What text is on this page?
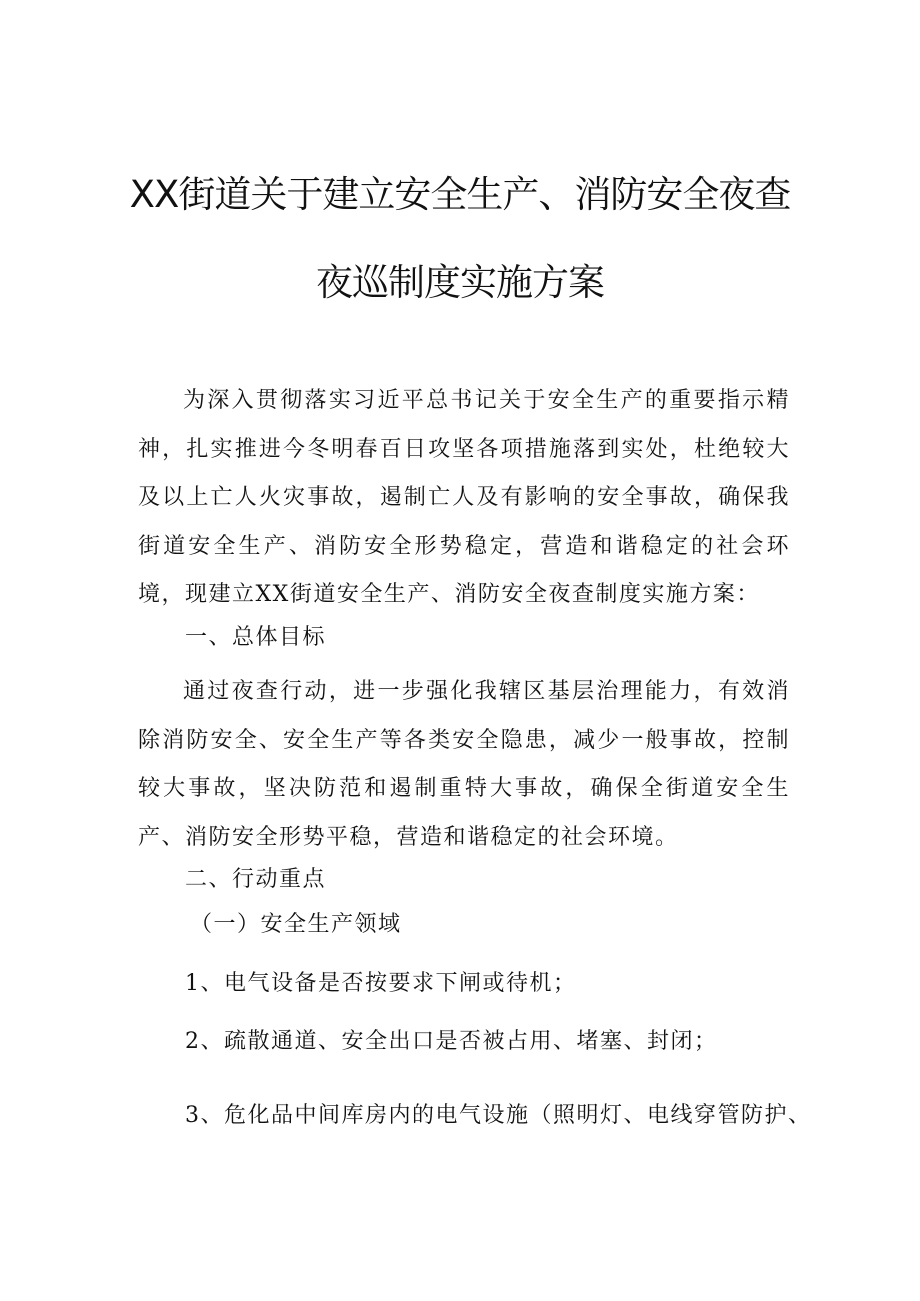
XX街道关于建立安全生产、消防安全夜查
夜巡制度实施方案

为深入贯彻落实习近平总书记关于安全生产的重要指示精神，扎实推进今冬明春百日攻坚各项措施落到实处，杜绝较大及以上亡人火灾事故，遏制亡人及有影响的安全事故，确保我街道安全生产、消防安全形势稳定，营造和谐稳定的社会环境，现建立XX街道安全生产、消防安全夜查制度实施方案：

一、总体目标

通过夜查行动，进一步强化我辖区基层治理能力，有效消除消防安全、安全生产等各类安全隐患，减少一般事故，控制较大事故，坚决防范和遏制重特大事故，确保全街道安全生产、消防安全形势平稳，营造和谐稳定的社会环境。

二、行动重点
（一）安全生产领域
1、电气设备是否按要求下闸或待机；
2、疏散通道、安全出口是否被占用、堵塞、封闭；
3、危化品中间库房内的电气设施（照明灯、电线穿管防护、
